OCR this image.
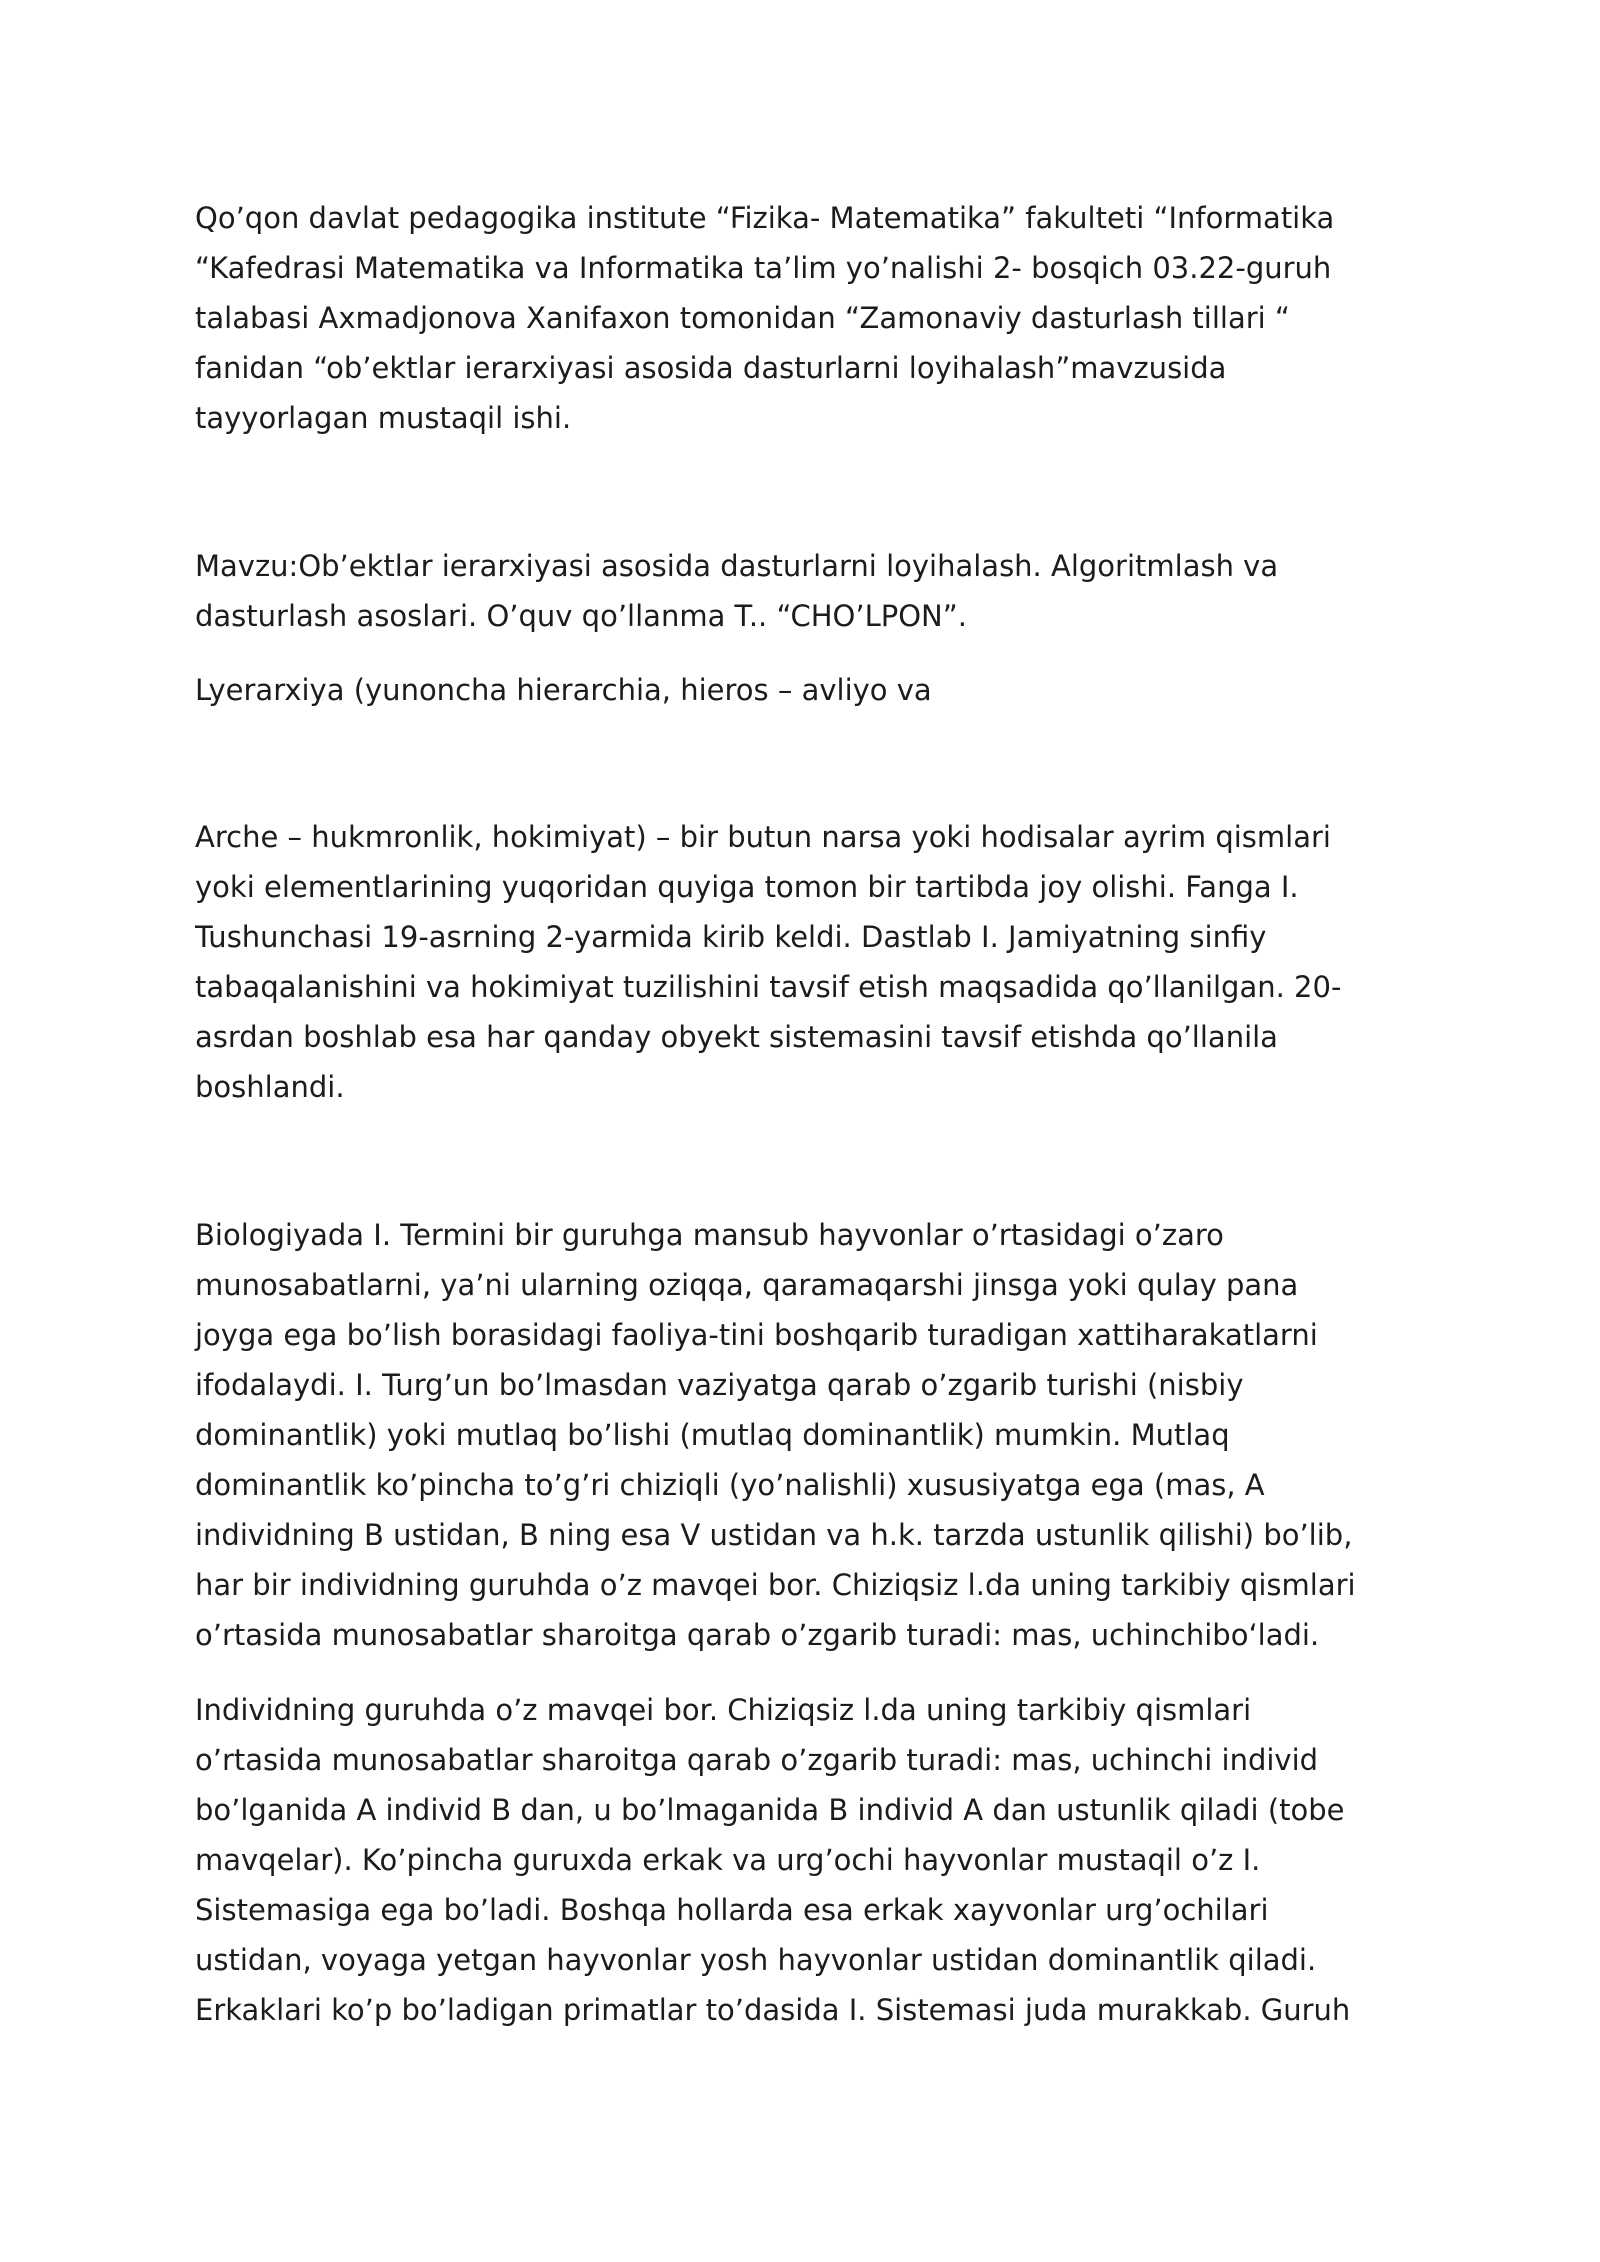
Qo’qon davlat pedagogika institute “Fizika- Matematika” fakulteti “Informatika
“Kafedrasi Matematika va Informatika ta’lim yo’nalishi 2- bosqich 03.22-guruh
talabasi Axmadjonova Xanifaxon tomonidan “Zamonaviy dasturlash tillari “
fanidan “ob’ektlar ierarxiyasi asosida dasturlarni loyihalash”mavzusida
tayyorlagan mustaqil ishi.

Mavzu:Ob’ektlar ierarxiyasi asosida dasturlarni loyihalash. Algoritmlash va
dasturlash asoslari. O’quv qo’llanma T.. “CHO’LPON”.

Lyerarxiya (yunoncha hierarchia, hieros – avliyo va

Arche – hukmronlik, hokimiyat) – bir butun narsa yoki hodisalar ayrim qismlari
yoki elementlarining yuqoridan quyiga tomon bir tartibda joy olishi. Fanga I.
Tushunchasi 19-asrning 2-yarmida kirib keldi. Dastlab I. Jamiyatning sinfiy
tabaqalanishini va hokimiyat tuzilishini tavsif etish maqsadida qo’llanilgan. 20-
asrdan boshlab esa har qanday obyekt sistemasini tavsif etishda qo’llanila
boshlandi.

Biologiyada I. Termini bir guruhga mansub hayvonlar o’rtasidagi o’zaro
munosabatlarni, ya’ni ularning oziqqa, qaramaqarshi jinsga yoki qulay pana
joyga ega bo’lish borasidagi faoliya-tini boshqarib turadigan xattiharakatlarni
ifodalaydi. I. Turg’un bo’lmasdan vaziyatga qarab o’zgarib turishi (nisbiy
dominantlik) yoki mutlaq bo’lishi (mutlaq dominantlik) mumkin. Mutlaq
dominantlik ko’pincha to’g’ri chiziqli (yo’nalishli) xususiyatga ega (mas, A
individning B ustidan, B ning esa V ustidan va h.k. tarzda ustunlik qilishi) bo’lib,
har bir individning guruhda o’z mavqei bor. Chiziqsiz l.da uning tarkibiy qismlari
o’rtasida munosabatlar sharoitga qarab o’zgarib turadi: mas, uchinchibo‘ladi.

Individning guruhda o’z mavqei bor. Chiziqsiz l.da uning tarkibiy qismlari
o’rtasida munosabatlar sharoitga qarab o’zgarib turadi: mas, uchinchi individ
bo’lganida A individ B dan, u bo’lmaganida B individ A dan ustunlik qiladi (tobe
mavqelar). Ko’pincha guruxda erkak va urg’ochi hayvonlar mustaqil o’z I.
Sistemasiga ega bo’ladi. Boshqa hollarda esa erkak xayvonlar urg’ochilari
ustidan, voyaga yetgan hayvonlar yosh hayvonlar ustidan dominantlik qiladi.
Erkaklari ko’p bo’ladigan primatlar to’dasida I. Sistemasi juda murakkab. Guruh
